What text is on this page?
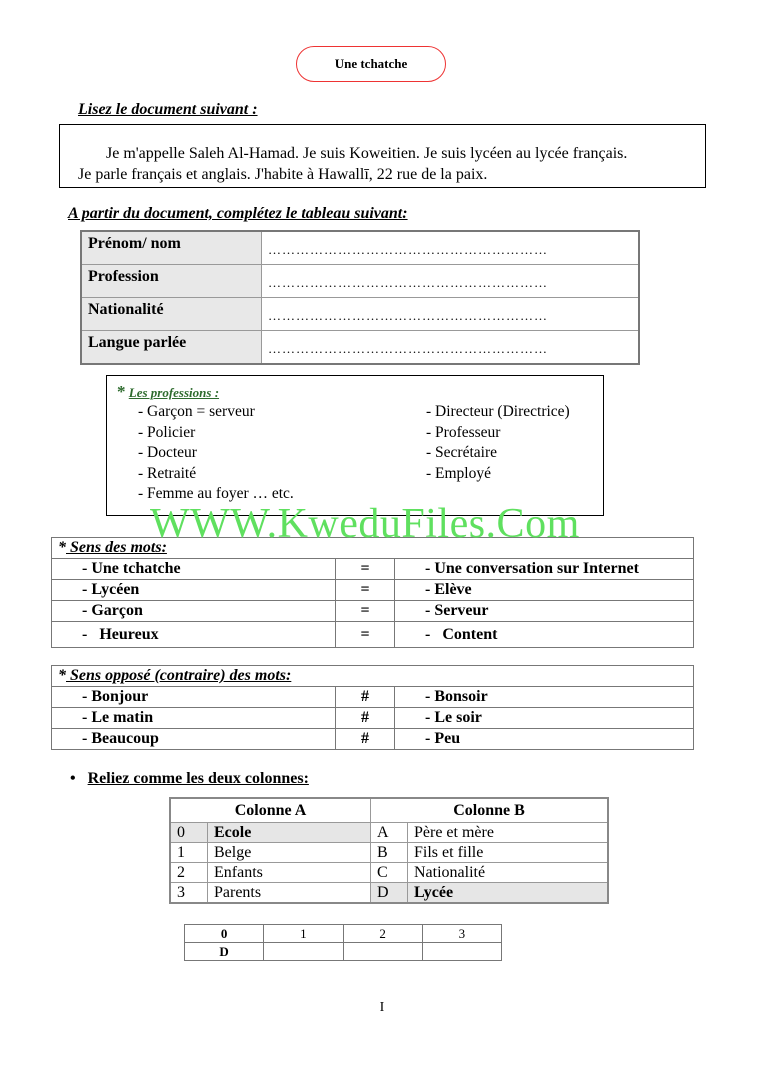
Une tchatche
Lisez le document suivant :
Je m'appelle Saleh Al-Hamad. Je suis Koweitien. Je suis lycéen au lycée français.
Je parle français et anglais. J'habite à Hawallī, 22 rue de la paix.
A partir du document, complétez le tableau suivant:
Prénom/ nom	……………………………………………………
Profession	……………………………………………………
Nationalité	……………………………………………………
Langue parlée	……………………………………………………
* Les professions :
- Garçon = serveur
- Policier
- Docteur
- Retraité
- Femme au foyer … etc.
- Directeur (Directrice)
- Professeur
- Secrétaire
- Employé
* Sens des mots:		
- Une tchatche	=	- Une conversation sur Internet
- Lycéen	=	- Elève
- Garçon	=	- Serveur
-   Heureux	=	-   Content
* Sens opposé (contraire) des mots:		
- Bonjour	#	- Bonsoir
- Le matin	#	- Le soir
- Beaucoup	#	- Peu
WWW.KweduFiles.Com
• Reliez comme les deux colonnes:
Colonne A		Colonne B	
0	Ecole	A	Père et mère
1	Belge	B	Fils et fille
2	Enfants	C	Nationalité
3	Parents	D	Lycée
0	1	2	3
D			
I
